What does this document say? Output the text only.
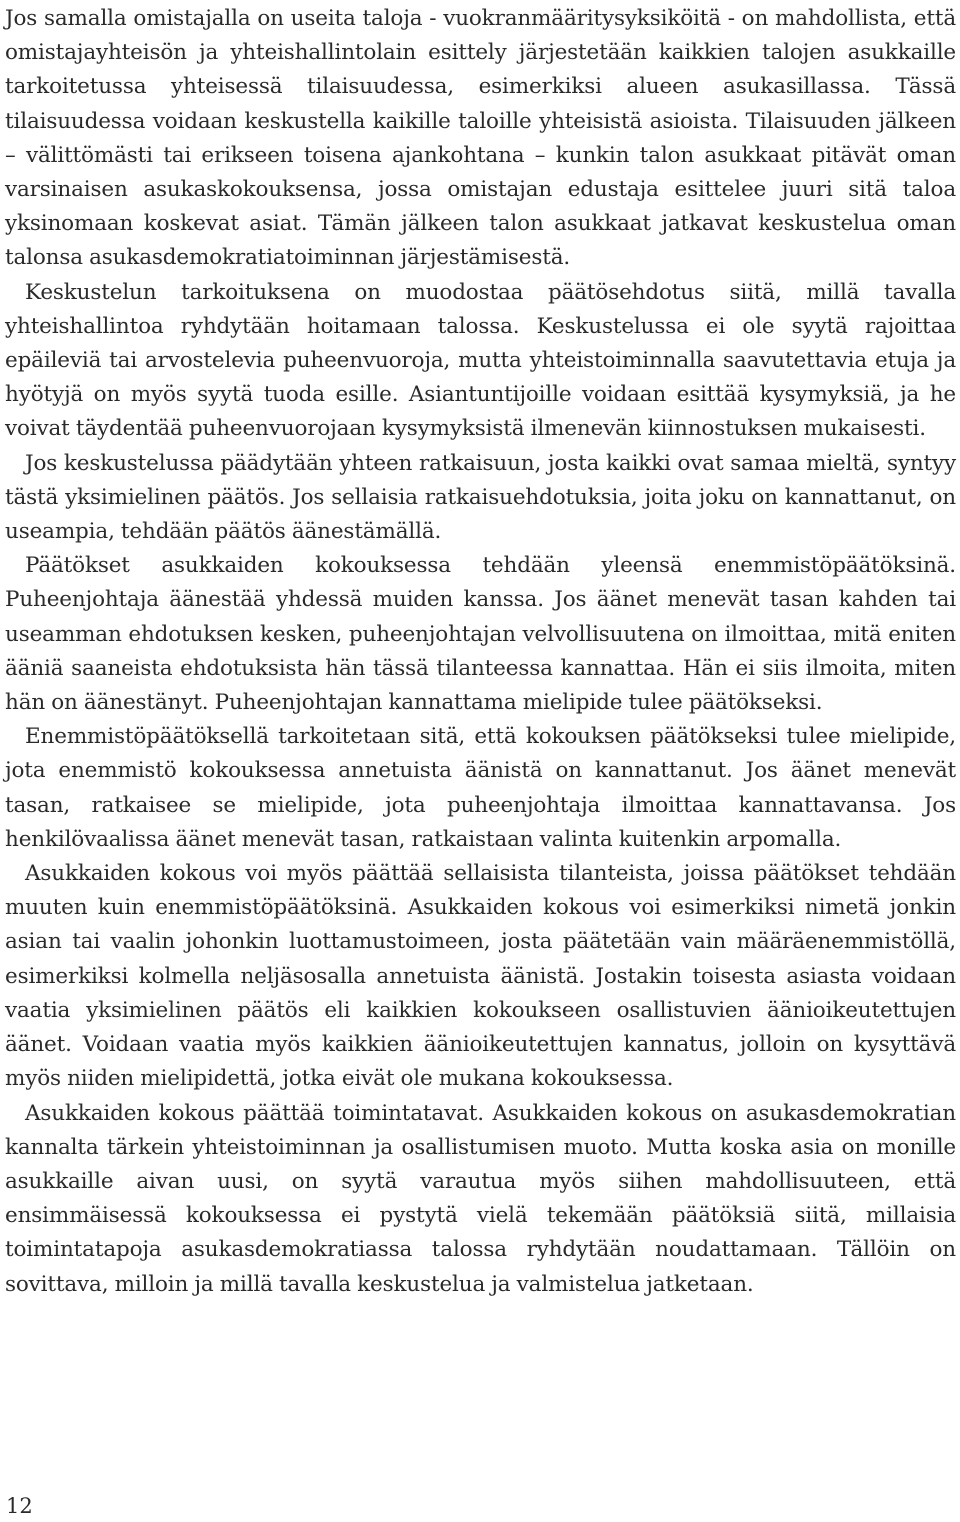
Jos samalla omistajalla on useita taloja - vuokranmääritysyksiköitä - on mahdollista, että omistajayhteisön ja yhteishallintolain esittely järjestetään kaikkien talojen asukkaille tarkoitetussa yhteisessä tilaisuudessa, esimerkiksi alueen asukasillassa. Tässä tilaisuudessa voidaan keskustella kaikille taloille yhteisistä asioista. Tilaisuuden jälkeen – välittömästi tai erikseen toisena ajankohtana – kunkin talon asukkaat pitävät oman varsinaisen asukaskokouksensa, jossa omistajan edustaja esittelee juuri sitä taloa yksinomaan koskevat asiat. Tämän jälkeen talon asukkaat jatkavat keskustelua oman talonsa asukasdemokratiatoiminnan järjestämisestä.

Keskustelun tarkoituksena on muodostaa päätösehdotus siitä, millä tavalla yhteishallintoa ryhdytään hoitamaan talossa. Keskustelussa ei ole syytä rajoittaa epäileviä tai arvostelevia puheenvuoroja, mutta yhteistoiminnalla saavutettavia etuja ja hyötyjä on myös syytä tuoda esille. Asiantuntijoille voidaan esittää kysymyksiä, ja he voivat täydentää puheenvuorojaan kysymyksistä ilmenevän kiinnostuksen mukaisesti.

Jos keskustelussa päädytään yhteen ratkaisuun, josta kaikki ovat samaa mieltä, syntyy tästä yksimielinen päätös. Jos sellaisia ratkaisuehdotuksia, joita joku on kannattanut, on useampia, tehdään päätös äänestämällä.

Päätökset asukkaiden kokouksessa tehdään yleensä enemmistöpäätöksinä. Puheenjohtaja äänestää yhdessä muiden kanssa. Jos äänet menevät tasan kahden tai useamman ehdotuksen kesken, puheenjohtajan velvollisuutena on ilmoittaa, mitä eniten ääniä saaneista ehdotuksista hän tässä tilanteessa kannattaa. Hän ei siis ilmoita, miten hän on äänestänyt. Puheenjohtajan kannattama mielipide tulee päätökseksi.

Enemmistöpäätöksellä tarkoitetaan sitä, että kokouksen päätökseksi tulee mielipide, jota enemmistö kokouksessa annetuista äänistä on kannattanut. Jos äänet menevät tasan, ratkaisee se mielipide, jota puheenjohtaja ilmoittaa kannattavansa. Jos henkilövaalissa äänet menevät tasan, ratkaistaan valinta kuitenkin arpomalla.

Asukkaiden kokous voi myös päättää sellaisista tilanteista, joissa päätökset tehdään muuten kuin enemmistöpäätöksinä. Asukkaiden kokous voi esimerkiksi nimetä jonkin asian tai vaalin johonkin luottamustoimeen, josta päätetään vain määräenemmistöllä, esimerkiksi kolmella neljäsosalla annetuista äänistä. Jostakin toisesta asiasta voidaan vaatia yksimielinen päätös eli kaikkien kokoukseen osallistuvien äänioikeutettujen äänet. Voidaan vaatia myös kaikkien äänioikeutettujen kannatus, jolloin on kysyttävä myös niiden mielipidettä, jotka eivät ole mukana kokouksessa.

Asukkaiden kokous päättää toimintatavat. Asukkaiden kokous on asukasdemokratian kannalta tärkein yhteistoiminnan ja osallistumisen muoto. Mutta koska asia on monille asukkaille aivan uusi, on syytä varautua myös siihen mahdollisuuteen, että ensimmäisessä kokouksessa ei pystytä vielä tekemään päätöksiä siitä, millaisia toimintatapoja asukasdemokratiassa talossa ryhdytään noudattamaan. Tällöin on sovittava, milloin ja millä tavalla keskustelua ja valmistelua jatketaan.

12
